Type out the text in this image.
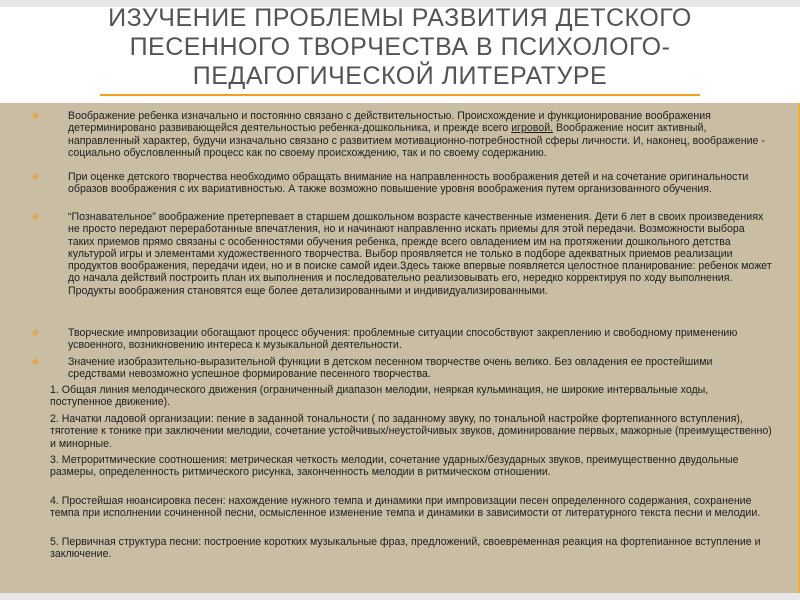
ИЗУЧЕНИЕ ПРОБЛЕМЫ РАЗВИТИЯ ДЕТСКОГО
ПЕСЕННОГО ТВОРЧЕСТВА В ПСИХОЛОГО-
ПЕДАГОГИЧЕСКОЙ ЛИТЕРАТУРЕ
◆	Воображение ребенка изначально и постоянно связано с действительностью. Происхождение и функционирование воображения детерминировано развивающейся деятельностью ребенка-дошкольника, и прежде всего игровой. Воображение носит активный, направленный характер, будучи изначально связано с развитием мотивационно-потребностной сферы личности. И, наконец, воображение - социально обусловленный процесс как по своему происхождению, так и по своему содержанию.

◆	При оценке детского творчества необходимо обращать внимание на направленность воображения детей и на сочетание оригинальности образов воображения с их вариативностью. А также возможно повышение уровня воображения путем организованного обучения.

◆	“Познавательное” воображение претерпевает в старшем дошкольном возрасте качественные изменения. Дети 6 лет в своих произведениях не просто передают переработанные впечатления, но и начинают направленно искать приемы для этой передачи. Возможности выбора таких приемов прямо связаны с особенностями обучения ребенка, прежде всего овладением им на протяжении дошкольного детства культурой игры и элементами художественного творчества. Выбор проявляется не только в подборе адекватных приемов реализации продуктов воображения, передачи идеи, но и в поиске самой идеи.Здесь также впервые появляется целостное планирование: ребенок может до начала действий построить план их выполнения и последовательно реализовывать его, нередко корректируя по ходу выполнения. Продукты воображения становятся еще более детализированными и индивидуализированными.

◆	Творческие импровизации обогащают процесс обучения: проблемные ситуации способствуют закреплению и свободному применению усвоенного, возникновению интереса к музыкальной деятельности.

◆	Значение изобразительно-выразительной функции в детском песенном творчестве очень велико. Без овладения ее простейшими средствами невозможно успешное формирование песенного творчества.

1. Общая линия мелодического движения (ограниченный диапазон мелодии, неяркая кульминация, не широкие интервальные ходы, поступенное движение).

2. Начатки ладовой организации: пение в заданной тональности ( по заданному звуку, по тональной настройке фортепианного вступления), тяготение к тонике при заключении мелодии, сочетание устойчивых/неустойчивых звуков, доминирование первых, мажорные (преимущественно) и минорные.

3. Метроритмические соотношения: метрическая четкость мелодии, сочетание ударных/безударных звуков, преимущественно двудольные размеры, определенность ритмического рисунка, законченность мелодии в ритмическом отношении.

4. Простейшая нюансировка песен: нахождение нужного темпа и динамики при импровизации песен определенного содержания, сохранение темпа при исполнении сочиненной песни, осмысленное изменение темпа и динамики в зависимости от литературного текста песни и мелодии.

5. Первичная структура песни: построение коротких музыкальные фраз, предложений, своевременная реакция на фортепианное вступление и заключение.
